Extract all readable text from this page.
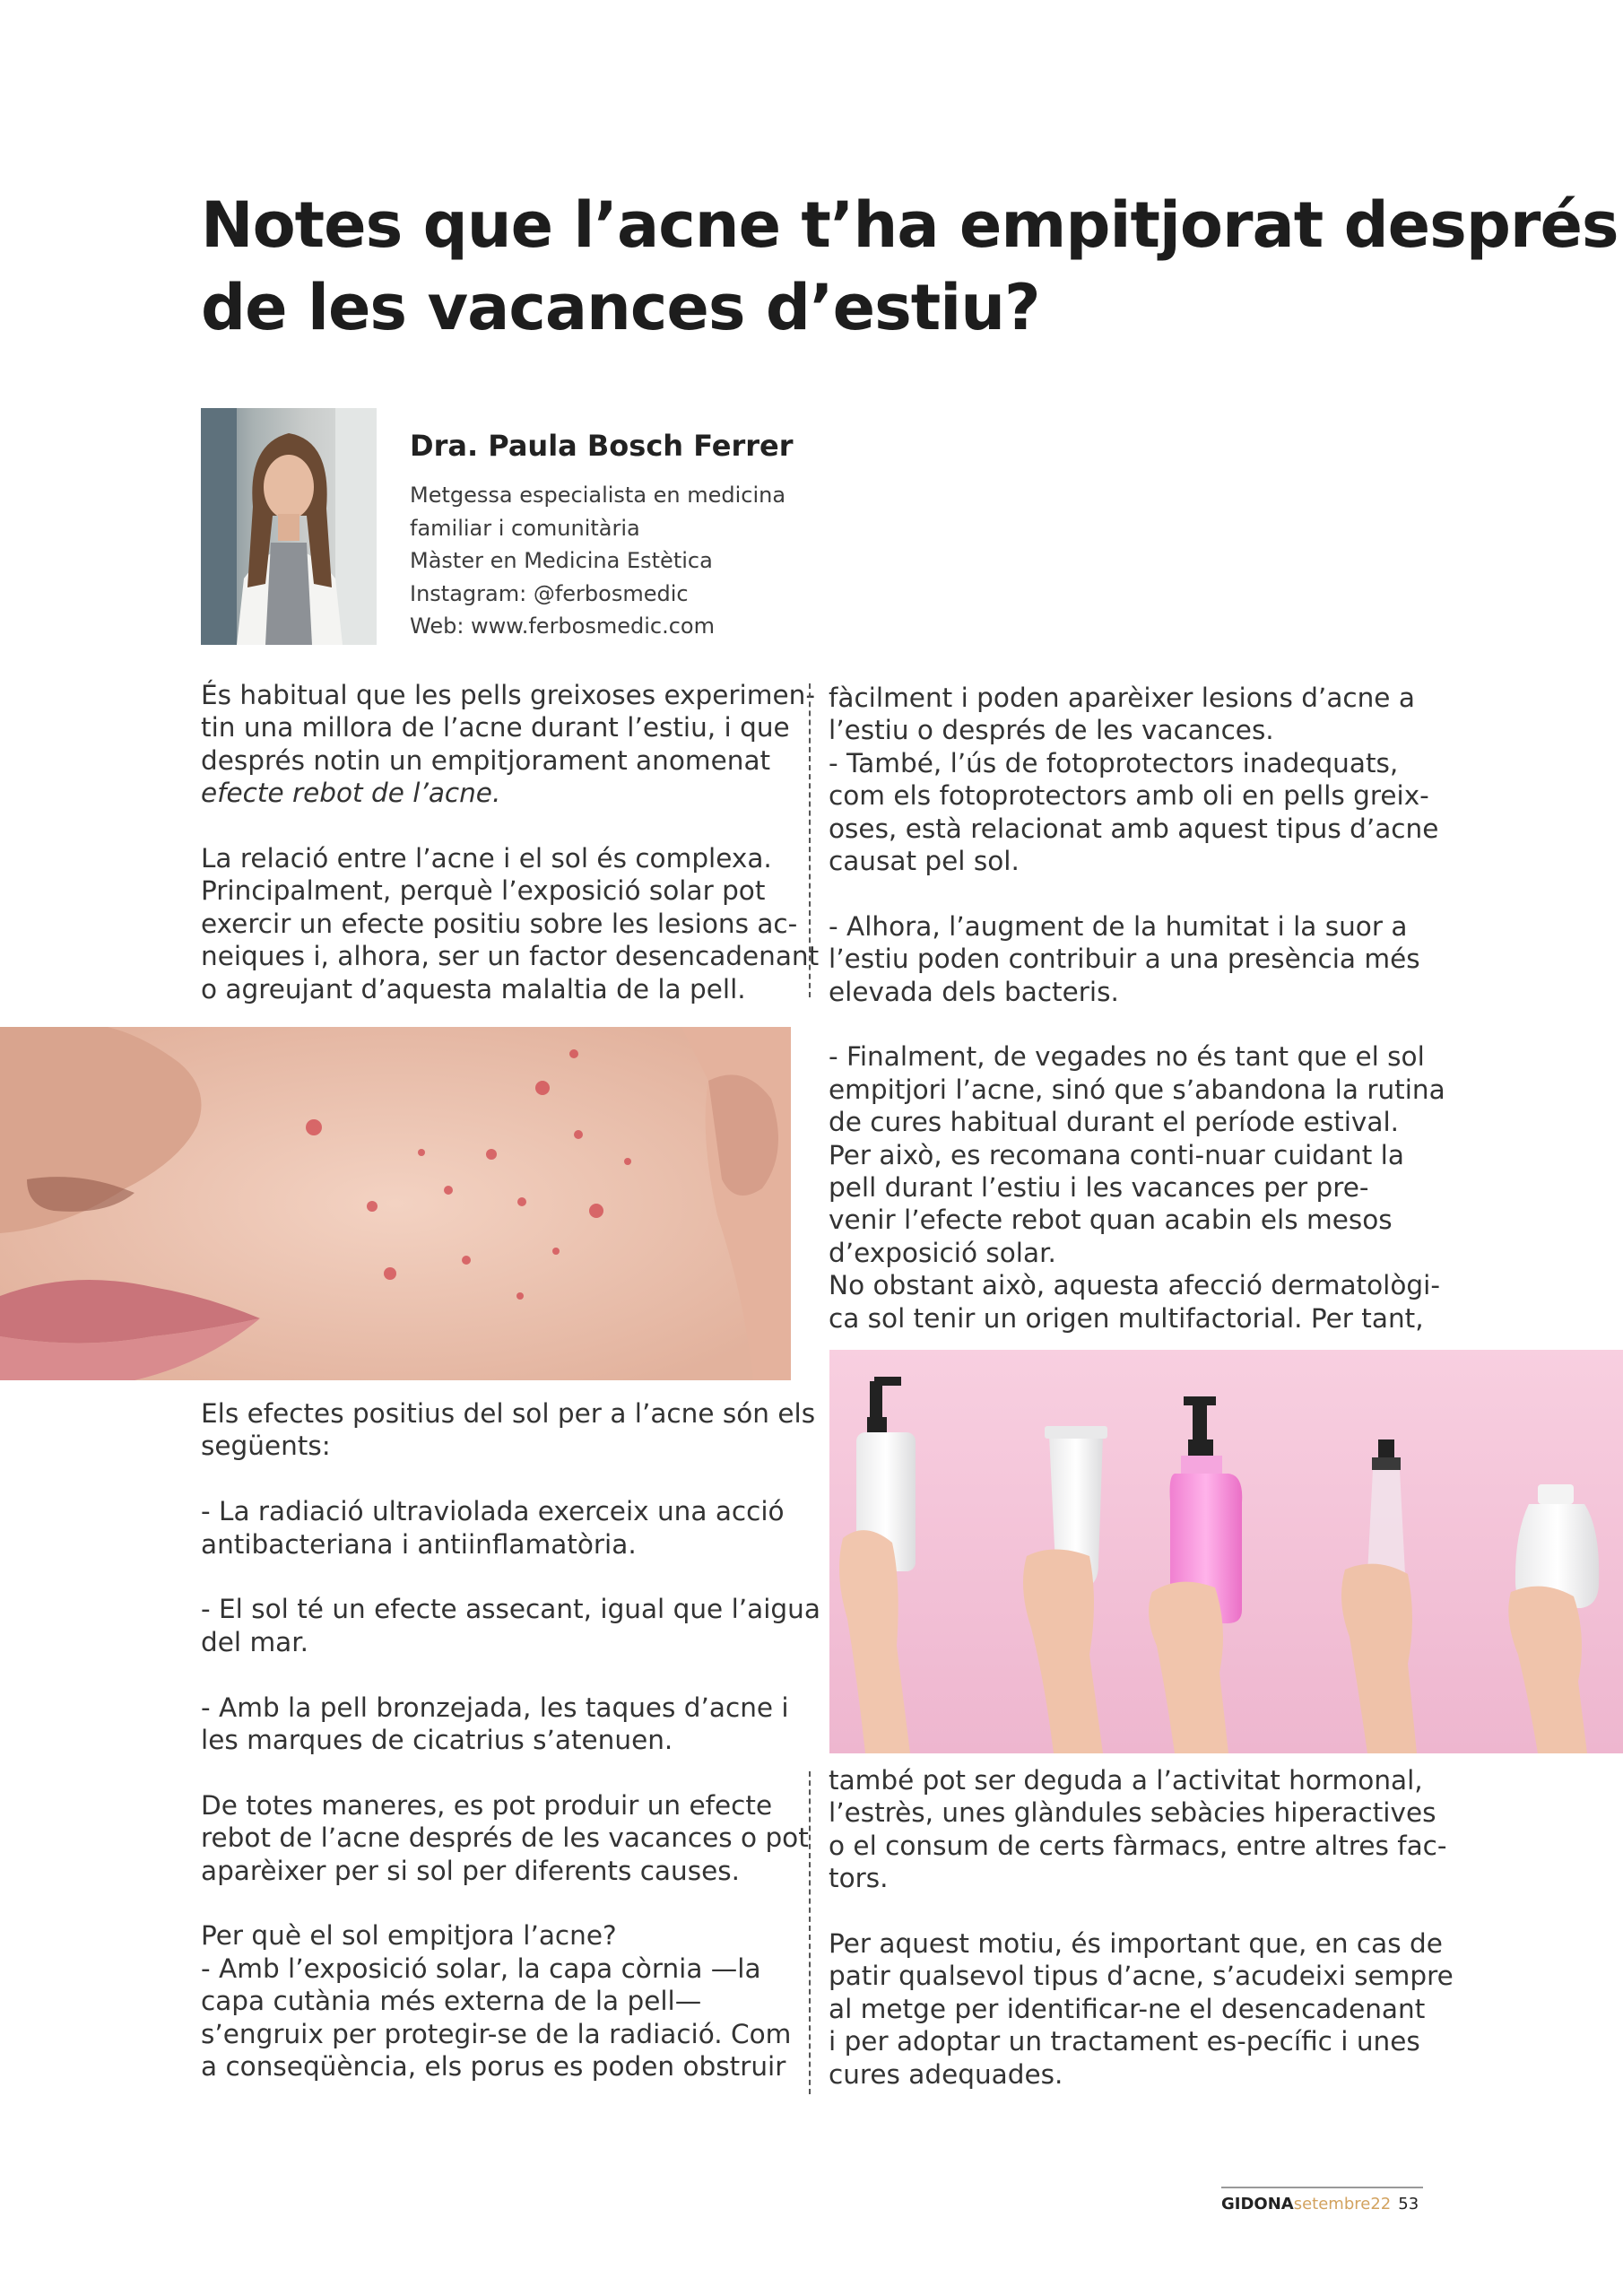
Notes que l’acne t’ha empitjorat després
de les vacances d’estiu?
Dra. Paula Bosch Ferrer
Metgessa especialista en medicina
familiar i comunitària
Màster en Medicina Estètica
Instagram: @ferbosmedic
Web: www.ferbosmedic.com

És habitual que les pells greixoses experimen-
tin una millora de l’acne durant l’estiu, i que
després notin un empitjorament anomenat
efecte rebot de l’acne.

La relació entre l’acne i el sol és complexa.
Principalment, perquè l’exposició solar pot
exercir un efecte positiu sobre les lesions ac-
neiques i, alhora, ser un factor desencadenant
o agreujant d’aquesta malaltia de la pell.

Els efectes positius del sol per a l’acne són els
següents:

- La radiació ultraviolada exerceix una acció
antibacteriana i antiinflamatòria.

- El sol té un efecte assecant, igual que l’aigua
del mar.

- Amb la pell bronzejada, les taques d’acne i
les marques de cicatrius s’atenuen.

De totes maneres, es pot produir un efecte
rebot de l’acne després de les vacances o pot
aparèixer per si sol per diferents causes.

Per què el sol empitjora l’acne?
- Amb l’exposició solar, la capa còrnia —la
capa cutània més externa de la pell—
s’engruix per protegir-se de la radiació. Com
a conseqüència, els porus es poden obstruir

fàcilment i poden aparèixer lesions d’acne a
l’estiu o després de les vacances.
- També, l’ús de fotoprotectors inadequats,
com els fotoprotectors amb oli en pells greix-
oses, està relacionat amb aquest tipus d’acne
causat pel sol.

- Alhora, l’augment de la humitat i la suor a
l’estiu poden contribuir a una presència més
elevada dels bacteris.

- Finalment, de vegades no és tant que el sol
empitjori l’acne, sinó que s’abandona la rutina
de cures habitual durant el període estival.
Per això, es recomana conti-nuar cuidant la
pell durant l’estiu i les vacances per pre-
venir l’efecte rebot quan acabin els mesos
d’exposició solar.
No obstant això, aquesta afecció dermatològi-
ca sol tenir un origen multifactorial. Per tant,

també pot ser deguda a l’activitat hormonal,
l’estrès, unes glàndules sebàcies hiperactives
o el consum de certs fàrmacs, entre altres fac-
tors.

Per aquest motiu, és important que, en cas de
patir qualsevol tipus d’acne, s’acudeixi sempre
al metge per identificar-ne el desencadenant
i per adoptar un tractament es-pecífic i unes
cures adequades.

GIDONAsetembre22 53
